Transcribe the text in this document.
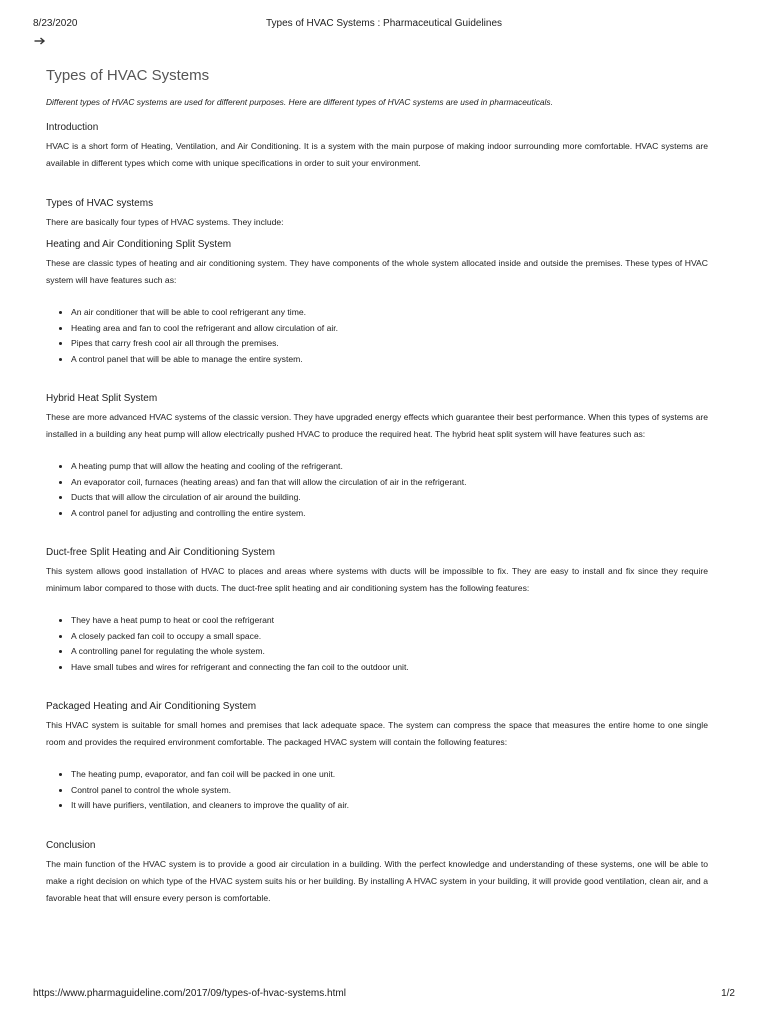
8/23/2020	Types of HVAC Systems : Pharmaceutical Guidelines
Types of HVAC Systems

Different types of HVAC systems are used for different purposes. Here are different types of HVAC systems are used in pharmaceuticals.

Introduction

HVAC is a short form of Heating, Ventilation, and Air Conditioning. It is a system with the main purpose of making indoor surrounding more comfortable. HVAC systems are available in different types which come with unique specifications in order to suit your environment.

Types of HVAC systems

There are basically four types of HVAC systems. They include:

Heating and Air Conditioning Split System

These are classic types of heating and air conditioning system. They have components of the whole system allocated inside and outside the premises. These types of HVAC system will have features such as:

• An air conditioner that will be able to cool refrigerant any time.
• Heating area and fan to cool the refrigerant and allow circulation of air.
• Pipes that carry fresh cool air all through the premises.
• A control panel that will be able to manage the entire system.
Hybrid Heat Split System

These are more advanced HVAC systems of the classic version. They have upgraded energy effects which guarantee their best performance. When this types of systems are installed in a building any heat pump will allow electrically pushed HVAC to produce the required heat. The hybrid heat split system will have features such as:

• A heating pump that will allow the heating and cooling of the refrigerant.
• An evaporator coil, furnaces (heating areas) and fan that will allow the circulation of air in the refrigerant.
• Ducts that will allow the circulation of air around the building.
• A control panel for adjusting and controlling the entire system.
Duct-free Split Heating and Air Conditioning System

This system allows good installation of HVAC to places and areas where systems with ducts will be impossible to fix. They are easy to install and fix since they require minimum labor compared to those with ducts. The duct-free split heating and air conditioning system has the following features:

• They have a heat pump to heat or cool the refrigerant
• A closely packed fan coil to occupy a small space.
• A controlling panel for regulating the whole system.
• Have small tubes and wires for refrigerant and connecting the fan coil to the outdoor unit.
Packaged Heating and Air Conditioning System

This HVAC system is suitable for small homes and premises that lack adequate space. The system can compress the space that measures the entire home to one single room and provides the required environment comfortable. The packaged HVAC system will contain the following features:

• The heating pump, evaporator, and fan coil will be packed in one unit.
• Control panel to control the whole system.
• It will have purifiers, ventilation, and cleaners to improve the quality of air.
Conclusion

The main function of the HVAC system is to provide a good air circulation in a building. With the perfect knowledge and understanding of these systems, one will be able to make a right decision on which type of the HVAC system suits his or her building. By installing A HVAC system in your building, it will provide good ventilation, clean air, and a favorable heat that will ensure every person is comfortable.

https://www.pharmaguideline.com/2017/09/types-of-hvac-systems.html	1/2
